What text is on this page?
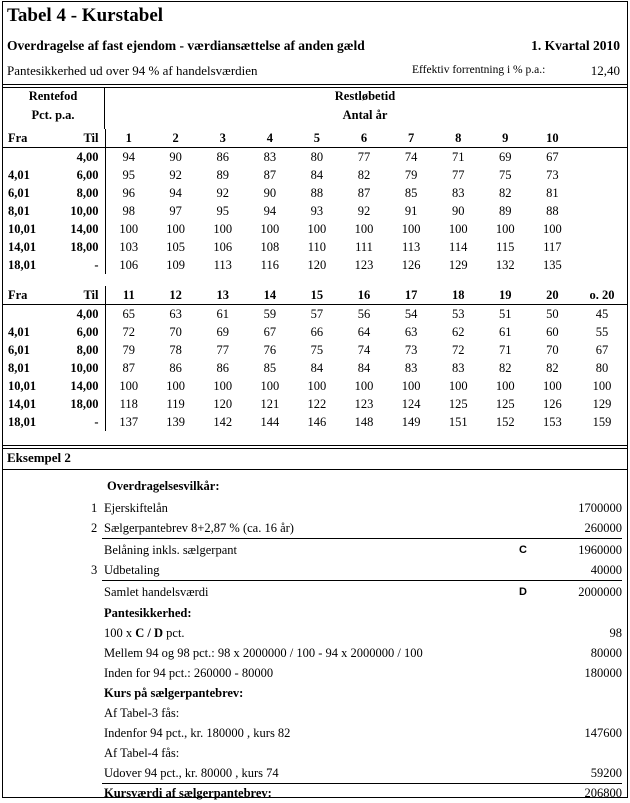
Tabel 4 - Kurstabel
Overdragelse af fast ejendom - værdiansættelse af anden gæld	1. Kvartal 2010
Pantesikkerhed ud over 94 % af handelsværdien	Effektiv forrentning i % p.a.:	12,40
Rentefod
Pct. p.a.
Restløbetid
Antal år
Fra	Til	1	2	3	4	5	6	7	8	9	10	
	4,00	94	90	86	83	80	77	74	71	69	67	
4,01	6,00	95	92	89	87	84	82	79	77	75	73	
6,01	8,00	96	94	92	90	88	87	85	83	82	81	
8,01	10,00	98	97	95	94	93	92	91	90	89	88	
10,01	14,00	100	100	100	100	100	100	100	100	100	100	
14,01	18,00	103	105	106	108	110	111	113	114	115	117	
18,01	-	106	109	113	116	120	123	126	129	132	135	
Fra	Til	11	12	13	14	15	16	17	18	19	20	o. 20
	4,00	65	63	61	59	57	56	54	53	51	50	45
4,01	6,00	72	70	69	67	66	64	63	62	61	60	55
6,01	8,00	79	78	77	76	75	74	73	72	71	70	67
8,01	10,00	87	86	86	85	84	84	83	83	82	82	80
10,01	14,00	100	100	100	100	100	100	100	100	100	100	100
14,01	18,00	118	119	120	121	122	123	124	125	125	126	129
18,01	-	137	139	142	144	146	148	149	151	152	153	159
Eksempel 2
Overdragelsesvilkår:
1 Ejerskiftelån	1700000
2 Sælgerpantebrev 8+2,87 % (ca. 16 år)	260000
Belåning inkls. sælgerpant	C	1960000
3 Udbetaling	40000
Samlet handelsværdi	D	2000000
Pantesikkerhed:
100 x C / D pct.	98
Mellem 94 og 98 pct.: 98 x 2000000 / 100 - 94 x 2000000 / 100	80000
Inden for 94 pct.: 260000 - 80000	180000
Kurs på sælgerpantebrev:
Af Tabel-3 fås:
Indenfor 94 pct., kr. 180000 , kurs 82	147600
Af Tabel-4 fås:
Udover 94 pct., kr. 80000 , kurs 74	59200
Kursværdi af sælgerpantebrev:	206800
